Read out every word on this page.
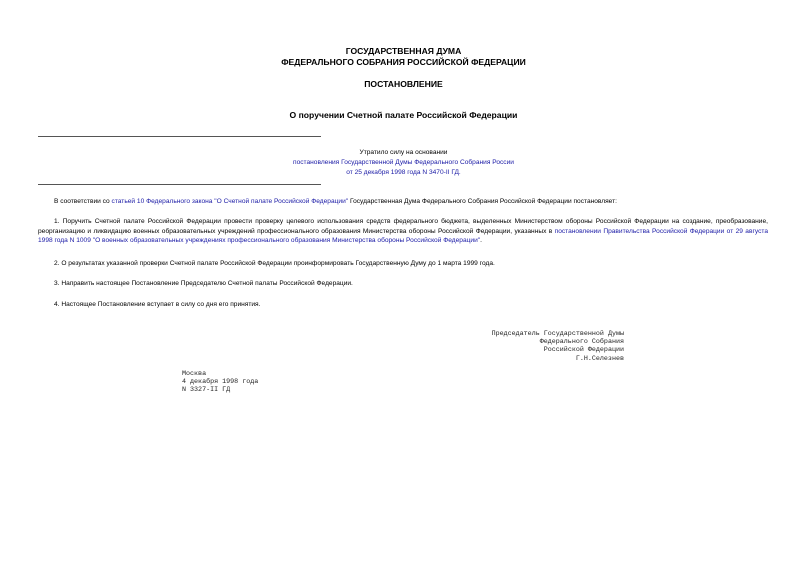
ГОСУДАРСТВЕННАЯ ДУМА
ФЕДЕРАЛЬНОГО СОБРАНИЯ РОССИЙСКОЙ ФЕДЕРАЦИИ
ПОСТАНОВЛЕНИЕ
О поручении Счетной палате Российской Федерации
Утратило силу на основании
постановления Государственной Думы Федерального Собрания России
от 25 декабря 1998 года N 3470-II ГД.
В соответствии со статьей 10 Федерального закона "О Счетной палате Российской Федерации" Государственная Дума Федерального Собрания Российской Федерации постановляет:
1. Поручить Счетной палате Российской Федерации провести проверку целевого использования средств федерального бюджета, выделенных Министерством обороны Российской Федерации на создание, преобразование, реорганизацию и ликвидацию военных образовательных учреждений профессионального образования Министерства обороны Российской Федерации, указанных в постановлении Правительства Российской Федерации от 29 августа 1998 года N 1009 "О военных образовательных учреждениях профессионального образования Министерства обороны Российской Федерации".
2. О результатах указанной проверки Счетной палате Российской Федерации проинформировать Государственную Думу до 1 марта 1999 года.
3. Направить настоящее Постановление Председателю Счетной палаты Российской Федерации.
4. Настоящее Постановление вступает в силу со дня его принятия.
Председатель Государственной Думы
Федерального Собрания
Российской Федерации
Г.Н.Селезнев
Москва
4 декабря 1998 года
N 3327-II ГД
